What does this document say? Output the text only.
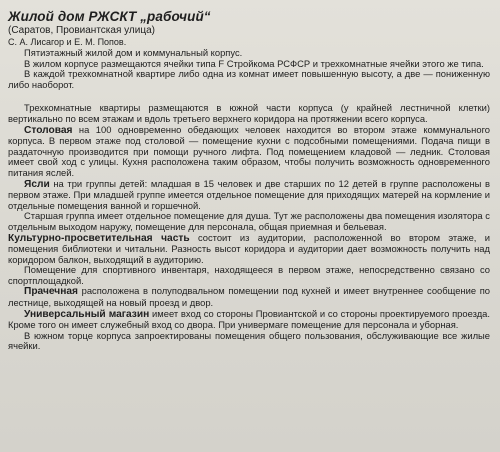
Жилой дом РЖСКТ „рабочий“
(Саратов, Провиантская улица)
С. А. Лисагор и Е. М. Попов.

Пятиэтажный жилой дом и коммунальный корпус.

В жилом корпусе размещаются ячейки типа F Стройкома РСФСР и трехкомнатные ячейки этого же типа.

В каждой трехкомнатной квартире либо одна из комнат имеет повышенную высоту, а две — пониженную либо наоборот.

Трехкомнатные квартиры размещаются в южной части корпуса (у крайней лестничной клетки) вертикально по всем этажам и вдоль третьего верхнего коридора на протяжении всего корпуса.

Столовая на 100 одновременно обедающих человек находится во втором этаже коммунального корпуса. В первом этаже под столовой — помещение кухни с подсобными помещениями. Подача пищи в раздаточную производится при помощи ручного лифта. Под помещением кладовой — ледник. Столовая имеет свой ход с улицы. Кухня расположена таким образом, чтобы получить возможность одновременного питания яслей.

Ясли на три группы детей: младшая в 15 человек и две старших по 12 детей в группе расположены в первом этаже. При младшей группе имеется отдельное помещение для приходящих матерей на кормление и отдельные помещения ванной и горшечной.

Старшая группа имеет отдельное помещение для душа. Тут же расположены два помещения изолятора с отдельным выходом наружу, помещение для персонала, общая приемная и бельевая.

Культурно-просветительная часть состоит из аудитории, расположенной во втором этаже, и помещения библиотеки и читальни. Разность высот коридора и аудитории дает возможность получить над коридором балкон, выходящий в аудиторию.

Помещение для спортивного инвентаря, находящееся в первом этаже, непосредственно связано со спортплощадкой.

Прачечная расположена в полуподвальном помещении под кухней и имеет внутреннее сообщение по лестнице, выходящей на новый проезд и двор.

Универсальный магазин имеет вход со стороны Провиантской и со стороны проектируемого проезда. Кроме того он имеет служебный вход со двора. При универмаге помещение для персонала и уборная.

В южном торце корпуса запроектированы помещения общего пользования, обслуживающие все жилые ячейки.
